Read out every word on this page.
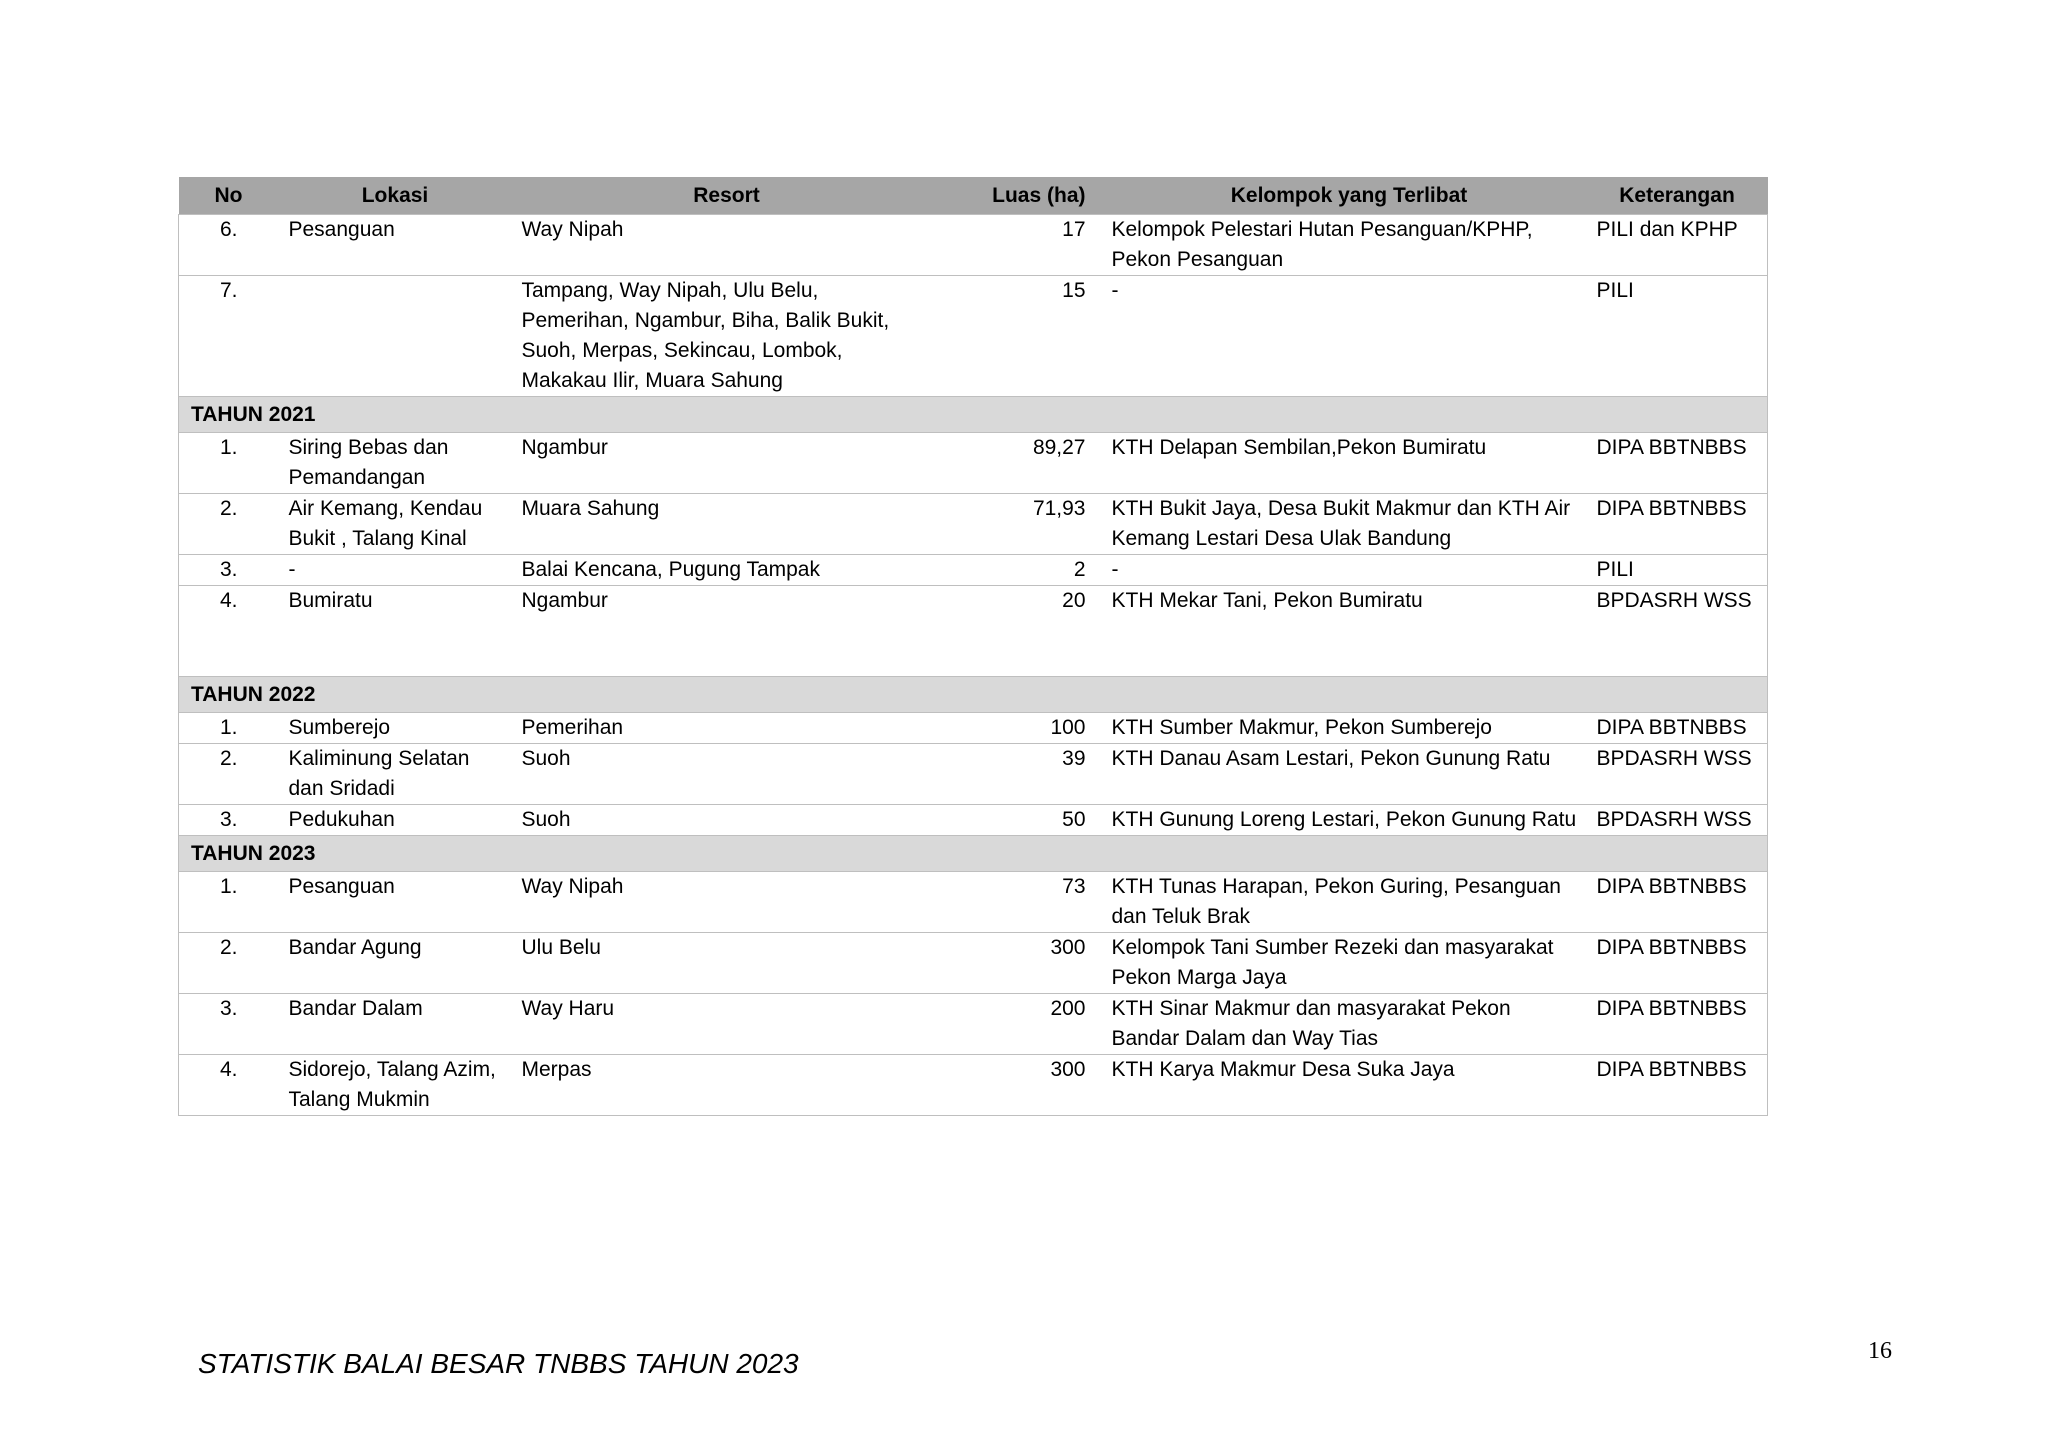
No	Lokasi	Resort	Luas (ha)	Kelompok yang Terlibat	Keterangan
6.	Pesanguan	Way Nipah	17	Kelompok Pelestari Hutan Pesanguan/KPHP, Pekon Pesanguan	PILI dan KPHP
7.		Tampang, Way Nipah, Ulu Belu, Pemerihan, Ngambur, Biha, Balik Bukit, Suoh, Merpas, Sekincau, Lombok, Makakau Ilir, Muara Sahung	15	-	PILI
TAHUN 2021					
1.	Siring Bebas dan Pemandangan	Ngambur	89,27	KTH Delapan Sembilan,Pekon Bumiratu	DIPA BBTNBBS
2.	Air Kemang, Kendau Bukit , Talang Kinal	Muara Sahung	71,93	KTH Bukit Jaya, Desa Bukit Makmur dan KTH Air Kemang Lestari Desa Ulak Bandung	DIPA BBTNBBS
3.	-	Balai Kencana, Pugung Tampak	2	-	PILI
4.	Bumiratu	Ngambur	20	KTH Mekar Tani, Pekon Bumiratu	BPDASRH WSS
TAHUN 2022					
1.	Sumberejo	Pemerihan	100	KTH Sumber Makmur, Pekon Sumberejo	DIPA BBTNBBS
2.	Kaliminung Selatan dan Sridadi	Suoh	39	KTH Danau Asam Lestari, Pekon Gunung Ratu	BPDASRH WSS
3.	Pedukuhan	Suoh	50	KTH Gunung Loreng Lestari, Pekon Gunung Ratu	BPDASRH WSS
TAHUN 2023					
1.	Pesanguan	Way Nipah	73	KTH Tunas Harapan, Pekon Guring, Pesanguan dan Teluk Brak	DIPA BBTNBBS
2.	Bandar Agung	Ulu Belu	300	Kelompok Tani Sumber Rezeki dan masyarakat Pekon Marga Jaya	DIPA BBTNBBS
3.	Bandar Dalam	Way Haru	200	KTH Sinar Makmur dan masyarakat Pekon Bandar Dalam dan Way Tias	DIPA BBTNBBS
4.	Sidorejo, Talang Azim, Talang Mukmin	Merpas	300	KTH Karya Makmur Desa Suka Jaya	DIPA BBTNBBS
STATISTIK BALAI BESAR TNBBS TAHUN 2023	16
